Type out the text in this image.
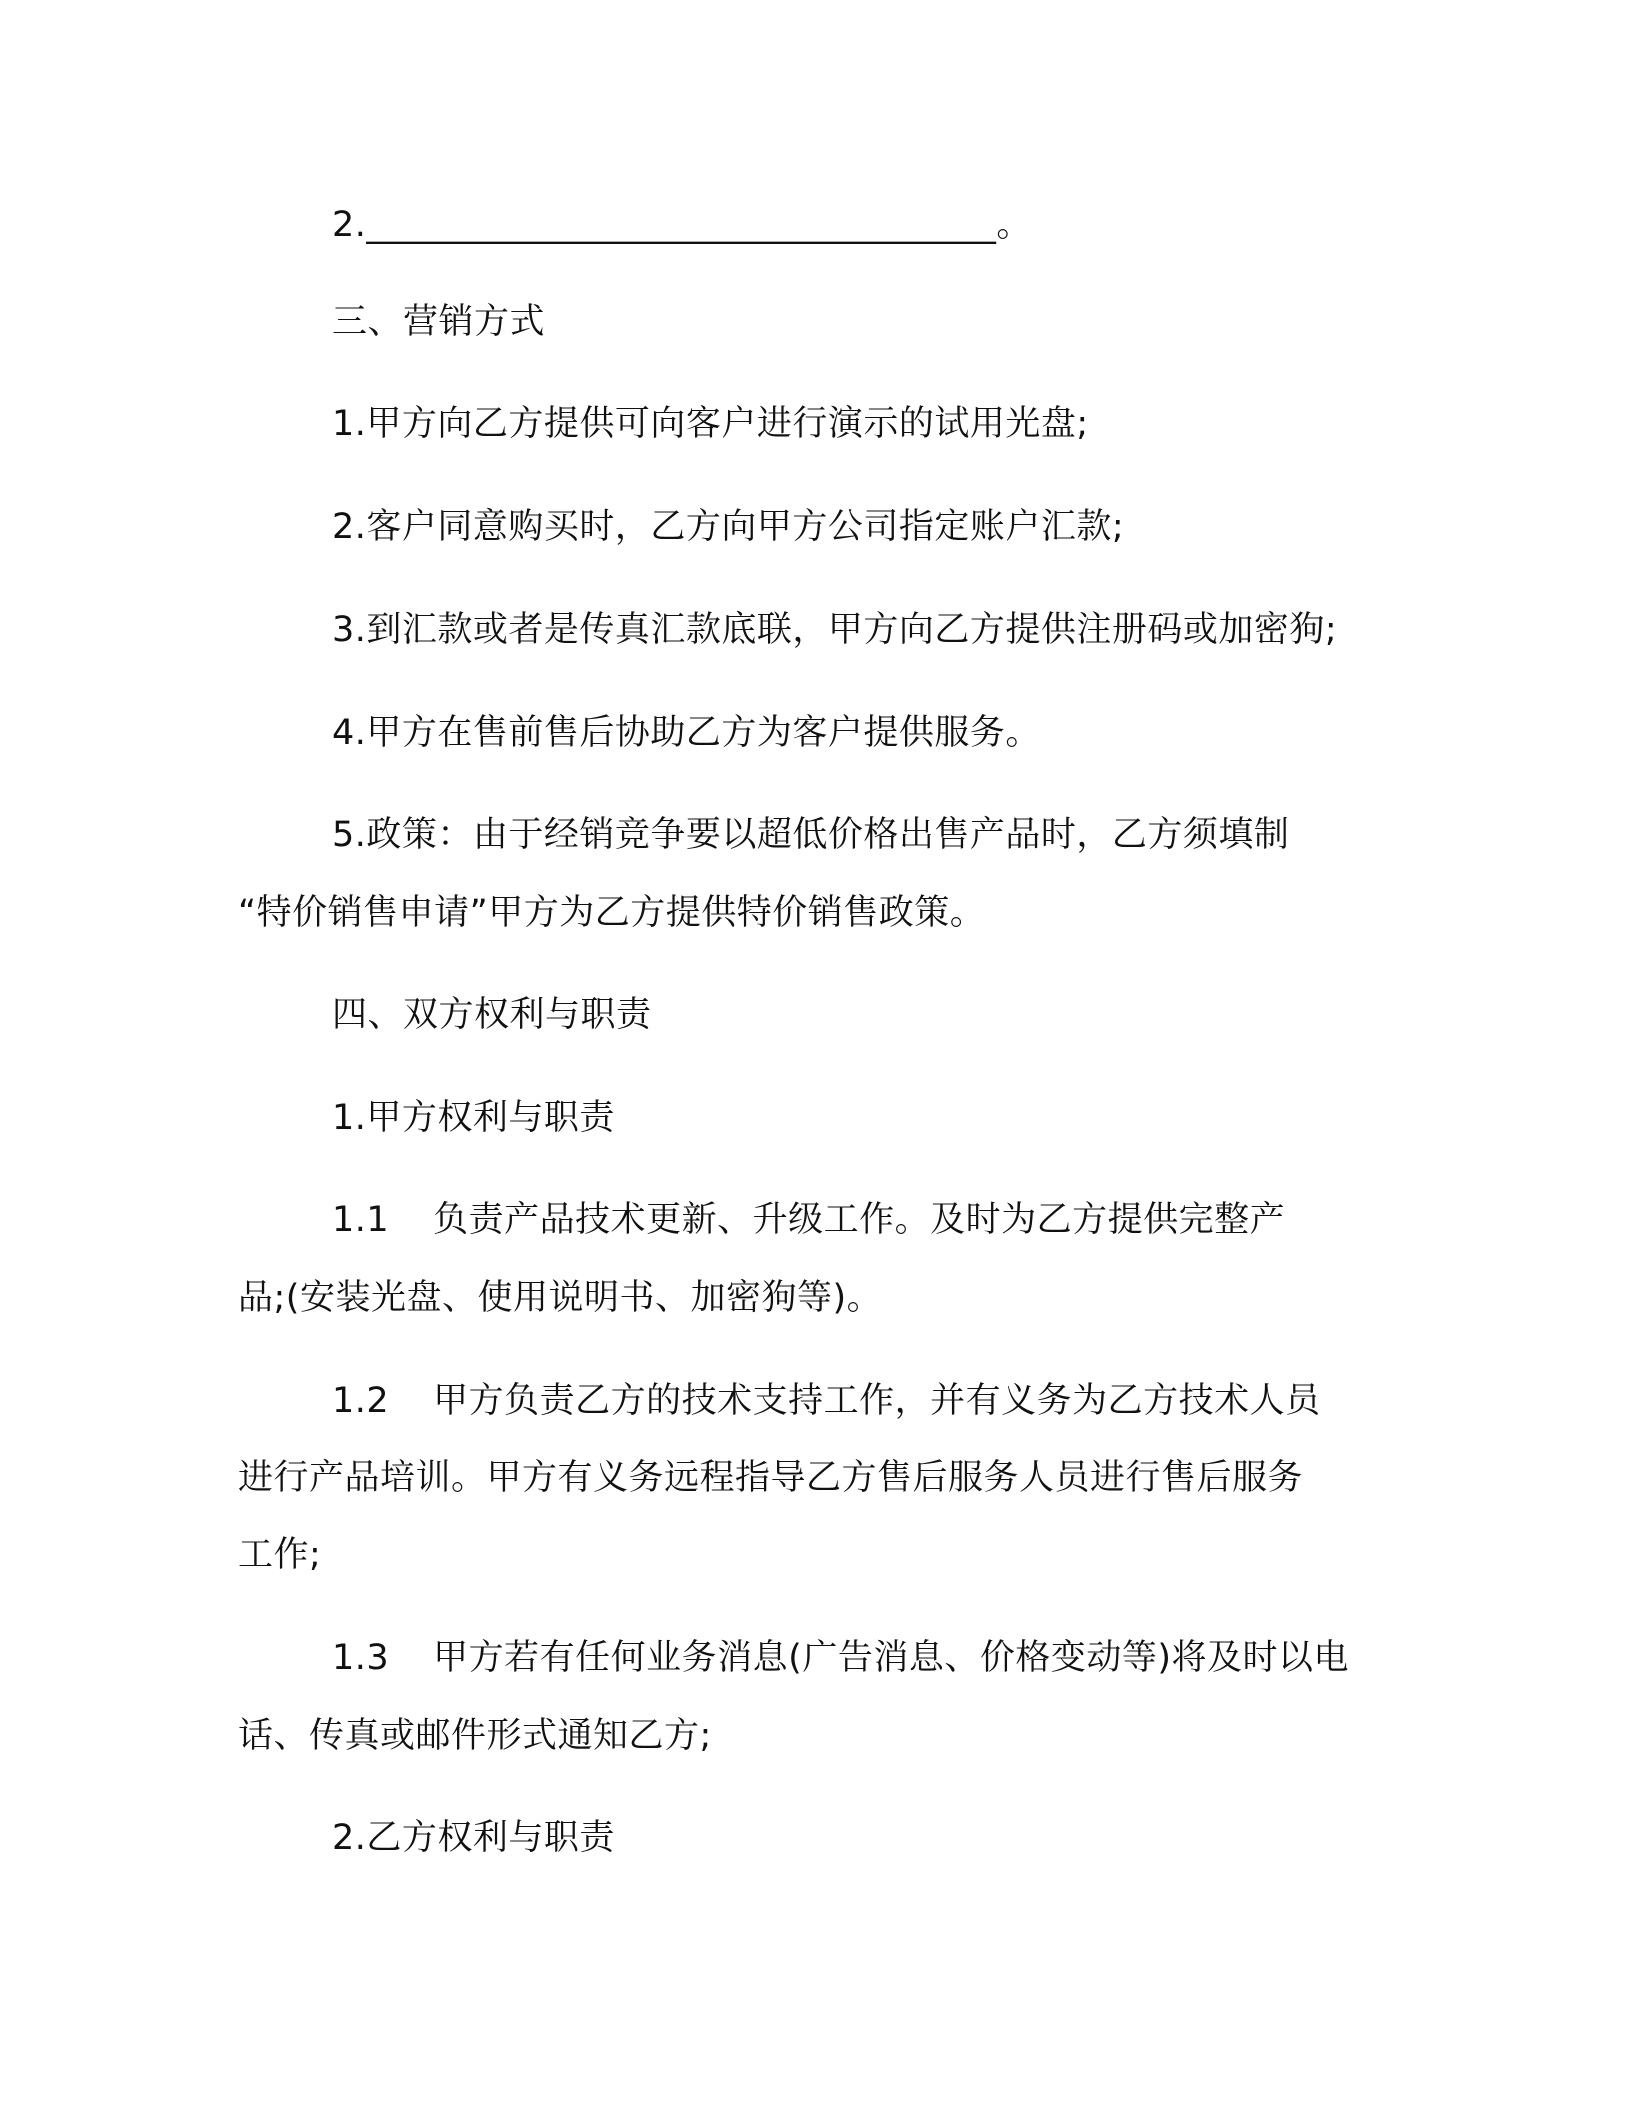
2.___________________________________。
三、营销方式
1.甲方向乙方提供可向客户进行演示的试用光盘;
2.客户同意购买时，乙方向甲方公司指定账户汇款;
3.到汇款或者是传真汇款底联，甲方向乙方提供注册码或加密狗;
4.甲方在售前售后协助乙方为客户提供服务。
5.政策：由于经销竞争要以超低价格出售产品时，乙方须填制
“特价销售申请”甲方为乙方提供特价销售政策。
四、双方权利与职责
1.甲方权利与职责
1.1 负责产品技术更新、升级工作。及时为乙方提供完整产
品;(安装光盘、使用说明书、加密狗等)。
1.2 甲方负责乙方的技术支持工作，并有义务为乙方技术人员
进行产品培训。甲方有义务远程指导乙方售后服务人员进行售后服务
工作;
1.3 甲方若有任何业务消息(广告消息、价格变动等)将及时以电
话、传真或邮件形式通知乙方;
2.乙方权利与职责
